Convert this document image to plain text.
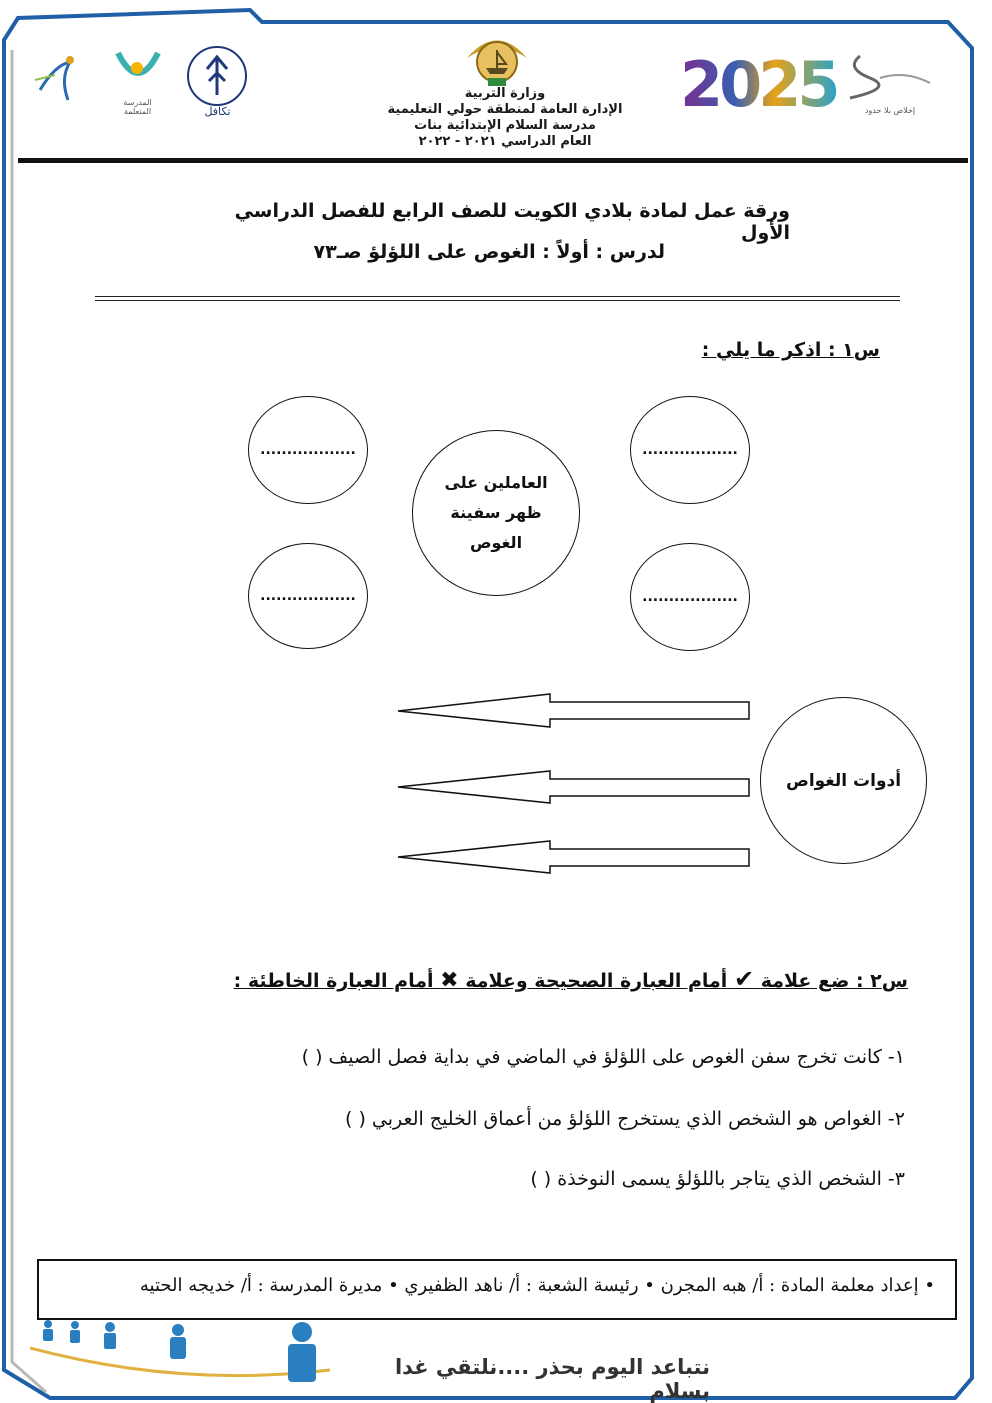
المدرسة المتعلمة	تكافل
وزارة التربية
الإدارة العامة لمنطقة حولي التعليمية
مدرسة السلام الإبتدائية بنات
العام الدراسي ٢٠٢١ - ٢٠٢٢
2025	إخلاص بلا حدود
ورقة عمل لمادة بلادي الكويت للصف الرابع للفصل الدراسي الأول
لدرس : أولاً : الغوص على اللؤلؤ صـ٧٣
س١ : اذكر ما يلي :
..................
..................
..................
..................
العاملين على
ظهر سفينة
الغوص
أدوات الغواص
س٢ : ضع علامة ✔ أمام العبارة الصحيحة وعلامة ✖ أمام العبارة الخاطئة :
١- كانت تخرج سفن الغوص على اللؤلؤ في الماضي في بداية فصل الصيف ( )
٢- الغواص هو الشخص الذي يستخرج اللؤلؤ من أعماق الخليج العربي ( )
٣- الشخص الذي يتاجر باللؤلؤ يسمى النوخذة ( )
• إعداد معلمة المادة : أ/ هبه المجرن • رئيسة الشعبة : أ/ ناهد الظفيري • مديرة المدرسة : أ/ خديجه الحتيه
نتباعد اليوم بحذر ....نلتقي غدا بسلام
